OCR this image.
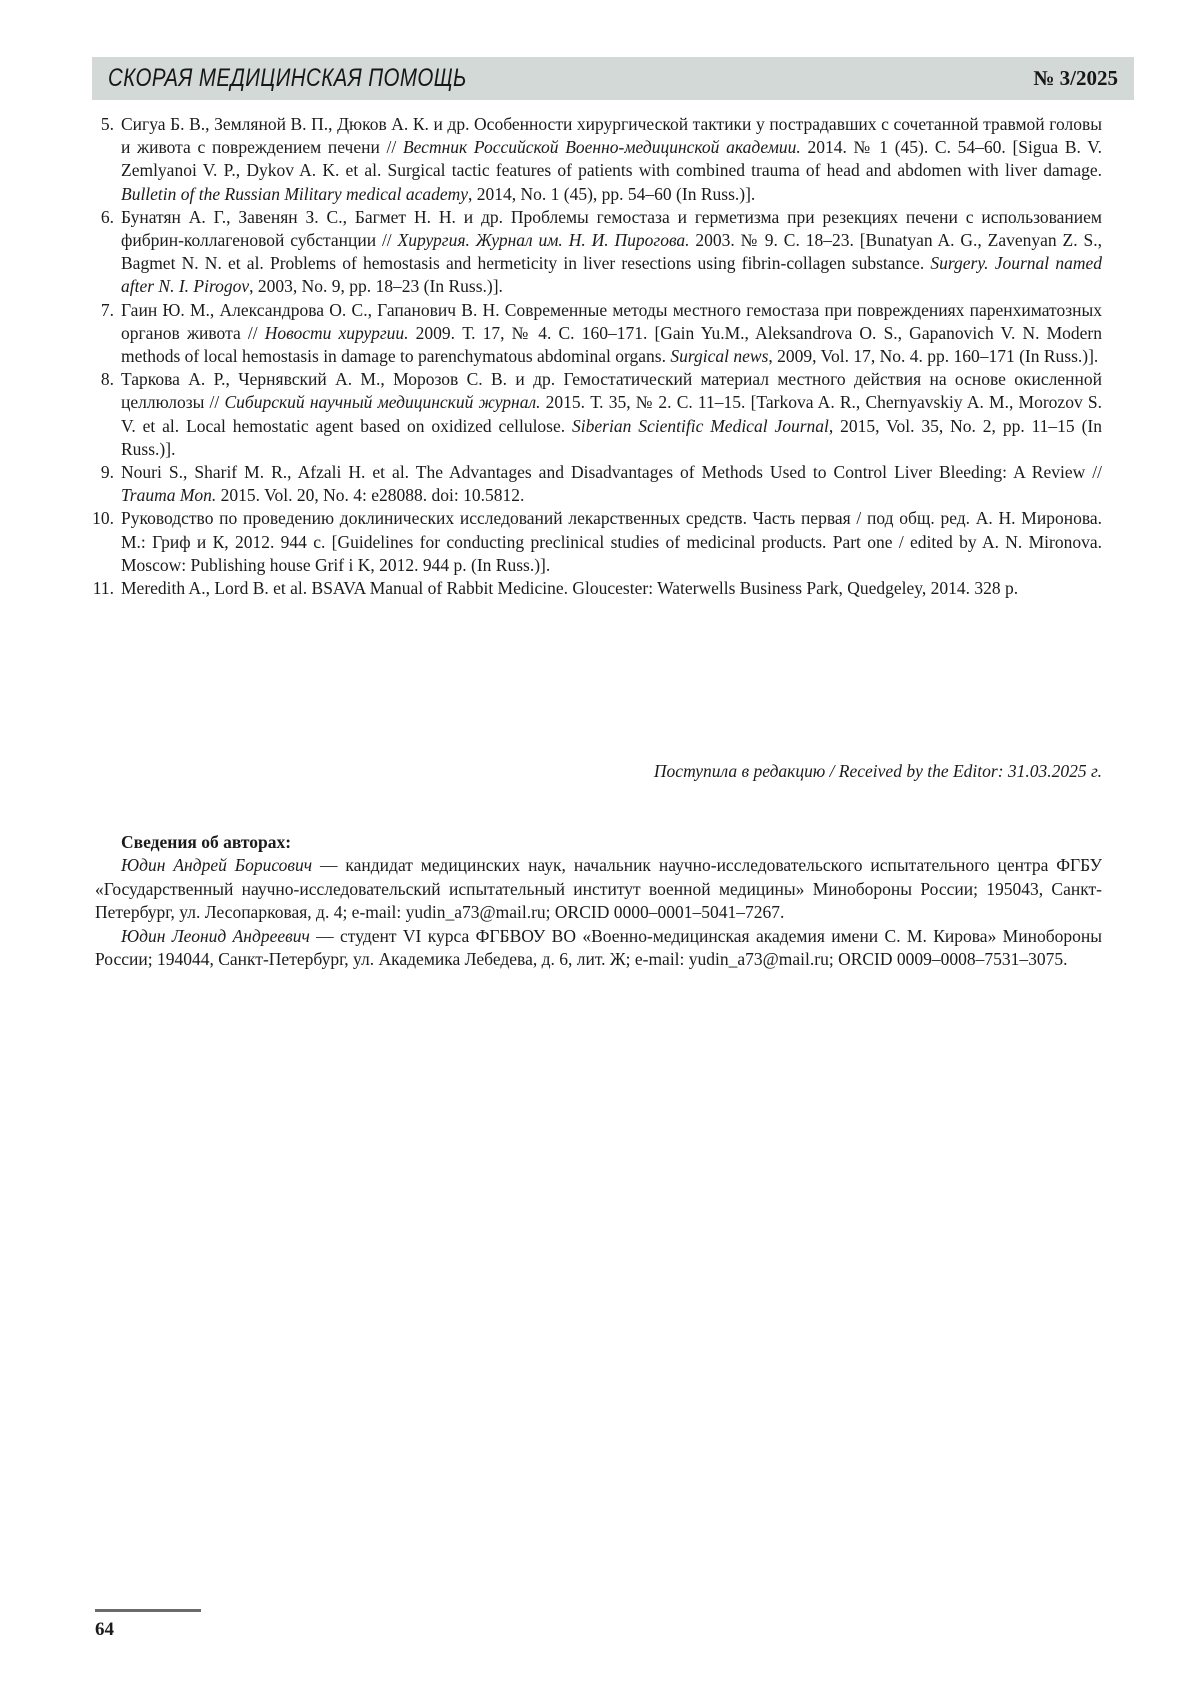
СКОРАЯ МЕДИЦИНСКАЯ ПОМОЩЬ	№ 3/2025
5. Сигуа Б. В., Земляной В. П., Дюков А. К. и др. Особенности хирургической тактики у пострадавших с сочетанной травмой головы и живота с повреждением печени // Вестник Российской Военно-медицинской академии. 2014. № 1 (45). С. 54–60. [Sigua B. V. Zemlyanoi V. P., Dykov A. K. et al. Surgical tactic features of patients with combined trauma of head and abdomen with liver damage. Bulletin of the Russian Military medical academy, 2014, No. 1 (45), pp. 54–60 (In Russ.)].
6. Бунатян А. Г., Завенян З. С., Багмет Н. Н. и др. Проблемы гемостаза и герметизма при резекциях печени с использованием фибрин-коллагеновой субстанции // Хирургия. Журнал им. Н. И. Пирогова. 2003. № 9. С. 18–23. [Bunatyan A. G., Zavenyan Z. S., Bagmet N. N. et al. Problems of hemostasis and hermeticity in liver resections using fibrin-collagen substance. Surgery. Journal named after N. I. Pirogov, 2003, No. 9, pp. 18–23 (In Russ.)].
7. Гаин Ю. М., Александрова О. С., Гапанович В. Н. Современные методы местного гемостаза при повреждениях паренхиматозных органов живота // Новости хирургии. 2009. Т. 17, № 4. С. 160–171. [Gain Yu.M., Aleksandrova O. S., Gapanovich V. N. Modern methods of local hemostasis in damage to parenchymatous abdominal organs. Surgical news, 2009, Vol. 17, No. 4. pp. 160–171 (In Russ.)].
8. Таркова А. Р., Чернявский А. М., Морозов С. В. и др. Гемостатический материал местного действия на основе окисленной целлюлозы // Сибирский научный медицинский журнал. 2015. Т. 35, № 2. С. 11–15. [Tarkova A. R., Chernyavskiy A. M., Morozov S. V. et al. Local hemostatic agent based on oxidized cellulose. Siberian Scientific Medical Journal, 2015, Vol. 35, No. 2, pp. 11–15 (In Russ.)].
9. Nouri S., Sharif M. R., Afzali H. et al. The Advantages and Disadvantages of Methods Used to Control Liver Bleeding: A Review // Trauma Mon. 2015. Vol. 20, No. 4: e28088. doi: 10.5812.
10. Руководство по проведению доклинических исследований лекарственных средств. Часть первая / под общ. ред. А. Н. Миронова. М.: Гриф и К, 2012. 944 с. [Guidelines for conducting preclinical studies of medicinal products. Part one / edited by A. N. Mironova. Moscow: Publishing house Grif i K, 2012. 944 p. (In Russ.)].
11. Meredith A., Lord B. et al. BSAVA Manual of Rabbit Medicine. Gloucester: Waterwells Business Park, Quedgeley, 2014. 328 p.

Поступила в редакцию / Received by the Editor: 31.03.2025 г.

Сведения об авторах:

Юдин Андрей Борисович — кандидат медицинских наук, начальник научно-исследовательского испытательного центра ФГБУ «Государственный научно-исследовательский испытательный институт военной медицины» Минобороны России; 195043, Санкт-Петербург, ул. Лесопарковая, д. 4; e-mail: yudin_a73@mail.ru; ORCID 0000–0001–5041–7267.

Юдин Леонид Андреевич — студент VI курса ФГБВОУ ВО «Военно-медицинская академия имени С. М. Кирова» Минобороны России; 194044, Санкт-Петербург, ул. Академика Лебедева, д. 6, лит. Ж; e-mail: yudin_a73@mail.ru; ORCID 0009–0008–7531–3075.

64
